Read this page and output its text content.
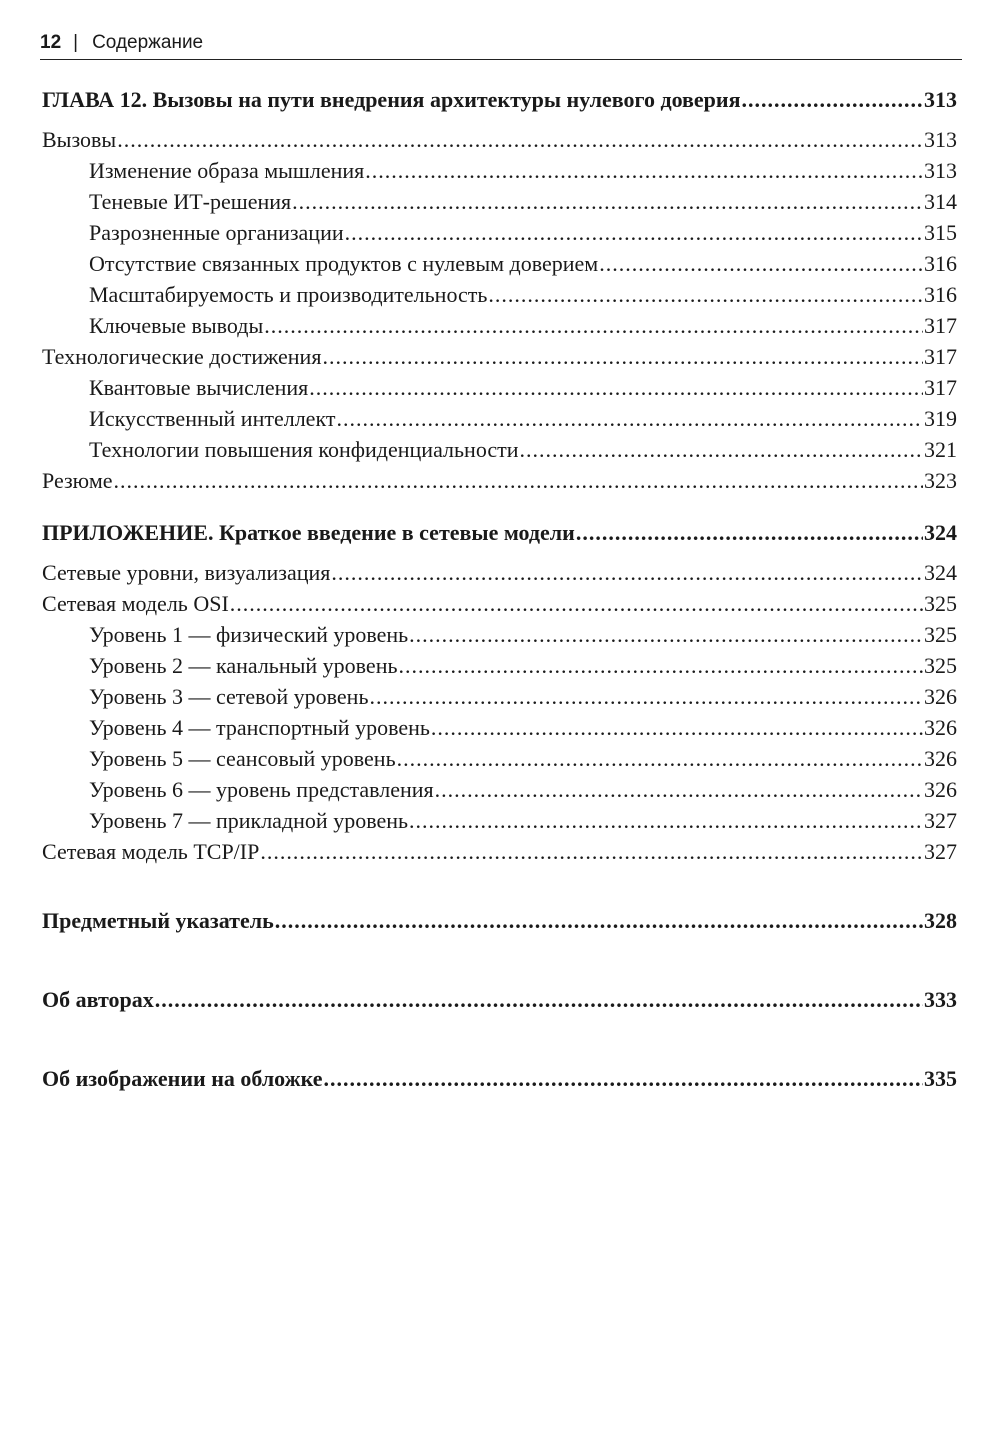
12 | Содержание
ГЛАВА 12. Вызовы на пути внедрения архитектуры нулевого доверия .....	313
Вызовы .....	313
Изменение образа мышления .....	313
Теневые ИТ-решения .....	314
Разрозненные организации .....	315
Отсутствие связанных продуктов с нулевым доверием .....	316
Масштабируемость и производительность .....	316
Ключевые выводы .....	317
Технологические достижения .....	317
Квантовые вычисления .....	317
Искусственный интеллект .....	319
Технологии повышения конфиденциальности .....	321
Резюме .....	323
ПРИЛОЖЕНИЕ. Краткое введение в сетевые модели .....	324
Сетевые уровни, визуализация .....	324
Сетевая модель OSI .....	325
Уровень 1 — физический уровень .....	325
Уровень 2 — канальный уровень .....	325
Уровень 3 — сетевой уровень .....	326
Уровень 4 — транспортный уровень .....	326
Уровень 5 — сеансовый уровень .....	326
Уровень 6 — уровень представления .....	326
Уровень 7 — прикладной уровень .....	327
Сетевая модель TCP/IP .....	327
Предметный указатель .....	328
Об авторах .....	333
Об изображении на обложке .....	335
